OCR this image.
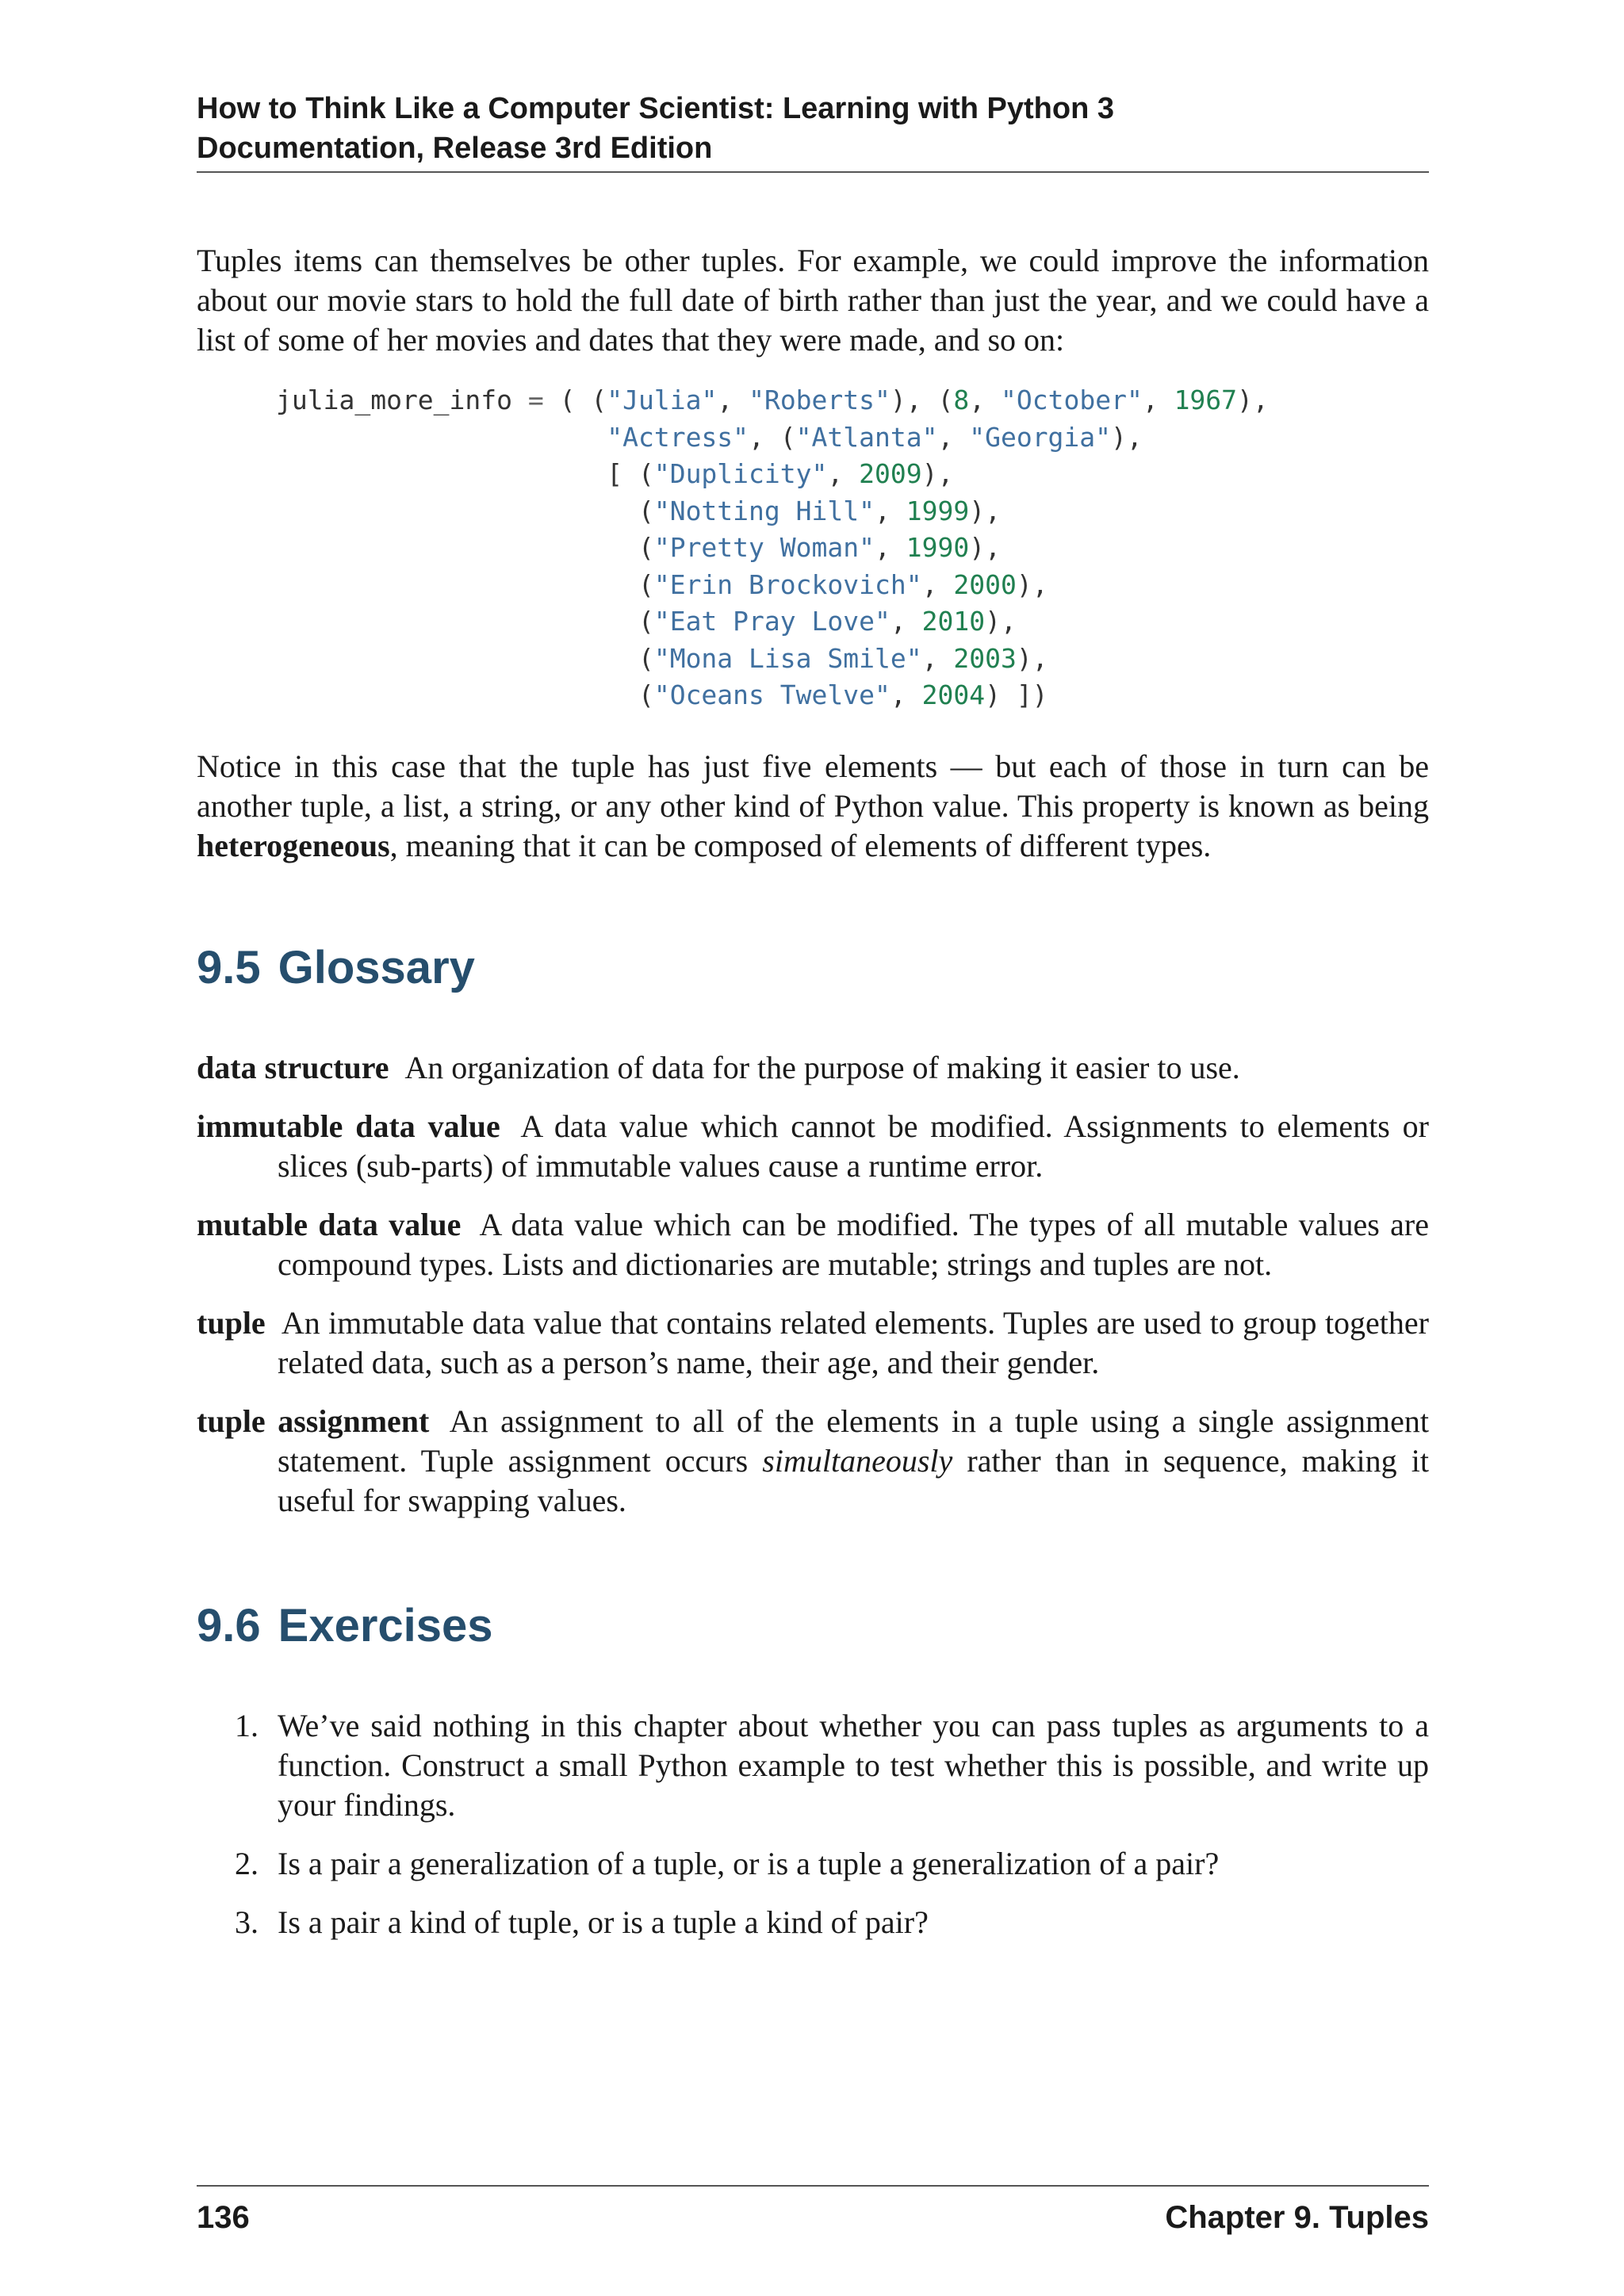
How to Think Like a Computer Scientist: Learning with Python 3
Documentation, Release 3rd Edition

Tuples items can themselves be other tuples. For example, we could improve the information about our movie stars to hold the full date of birth rather than just the year, and we could have a list of some of her movies and dates that they were made, and so on:

julia_more_info = ( ("Julia", "Roberts"), (8, "October", 1967),
"Actress", ("Atlanta", "Georgia"),
[ ("Duplicity", 2009),
("Notting Hill", 1999),
("Pretty Woman", 1990),
("Erin Brockovich", 2000),
("Eat Pray Love", 2010),
("Mona Lisa Smile", 2003),
("Oceans Twelve", 2004) ])

Notice in this case that the tuple has just five elements — but each of those in turn can be another tuple, a list, a string, or any other kind of Python value. This property is known as being heterogeneous, meaning that it can be composed of elements of different types.

9.5 Glossary
data structure An organization of data for the purpose of making it easier to use.
immutable data value A data value which cannot be modified. Assignments to elements or slices (sub-parts) of immutable values cause a runtime error.
mutable data value A data value which can be modified. The types of all mutable values are compound types. Lists and dictionaries are mutable; strings and tuples are not.
tuple An immutable data value that contains related elements. Tuples are used to group together related data, such as a person’s name, their age, and their gender.
tuple assignment An assignment to all of the elements in a tuple using a single assignment statement. Tuple assignment occurs simultaneously rather than in sequence, making it useful for swapping values.
9.6 Exercises
1. We’ve said nothing in this chapter about whether you can pass tuples as arguments to a function. Construct a small Python example to test whether this is possible, and write up your findings.
2. Is a pair a generalization of a tuple, or is a tuple a generalization of a pair?
3. Is a pair a kind of tuple, or is a tuple a kind of pair?
136	Chapter 9. Tuples
